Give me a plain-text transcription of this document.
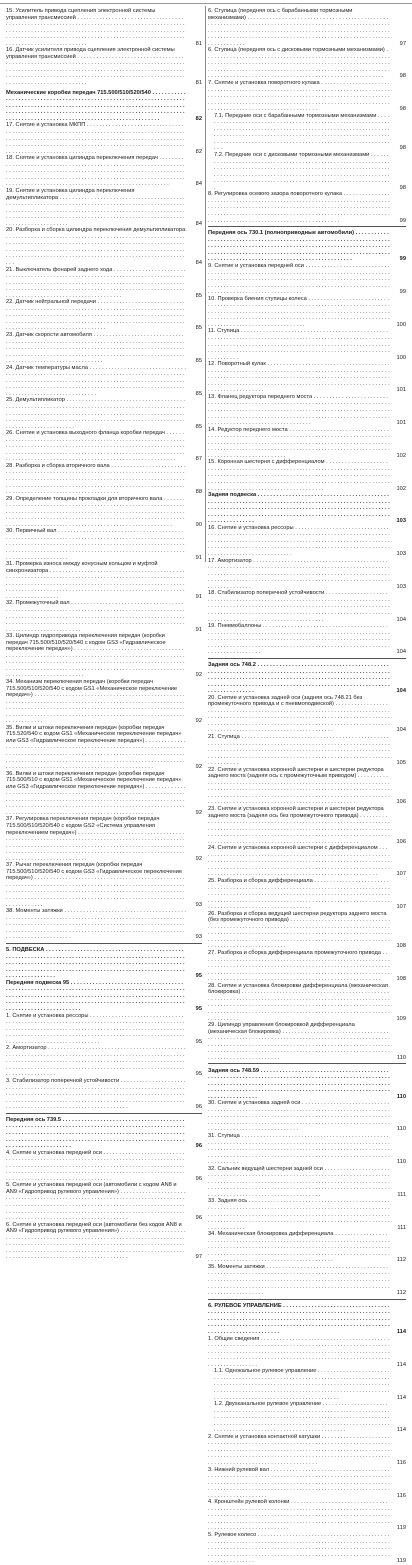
15. Усилитель привода сцепления электронной системы управления трансмиссией . . .
81
16. Датчик усилителя привода сцепления электронной системы управления трансмиссией . . .
81
Механические коробки передач 715.500/510/520/540 . . .
82
17. Снятие и установка МКПП . . .
82
18. Снятие и установка цилиндра переключения передач . . .
84
19. Снятие и установка цилиндра переключения демультипликатора . . .
84
20. Разборка и сборка цилиндра переключения демультипликатора . . .
84
21. Выключатель фонарей заднего хода . . .
85
22. Датчик нейтральной передачи . . .
85
23. Датчик скорости автомобиля . . .
85
24. Датчик температуры масла . . .
85
25. Демультипликатор . . .
85
26. Снятие и установка выходного фланца коробки передач . . .
87
28. Разборка и сборка вторичного вала . . .
88
29. Определение толщины прокладки для вторичного вала . . .
90
30. Первичный вал . . .
91
31. Промерка износа между конусным кольцом и муфтой синхронизатора . . .
91
32. Промежуточный вал . . .
91
33. Цилиндр гидропривода переключения передач (коробки передач 715.500/510/520/540 с кодом GS3 «Гидравлическое переключение передач») . . .
92
34. Механизм переключения передач (коробки передач 715.500/510/520/540 с кодом GS1 «Механическое переключение передач») . . .
92
35. Вилки и штоки переключения передач (коробки передач 715.520/540 с кодом GS1 «Механическое переключение передач» или GS3 «Гидравлическое переключение передач») . . .
92
36. Вилки и штоки переключения передач (коробки передач 715.500/510 с кодом GS1 «Механическое переключение передач» или GS3 «Гидравлическое переключение передач») . . .
92
37. Регулировка переключения передач (коробки передач 715.500/510/520/540 с кодом GS2 «Система управления переключением передач») . . .
92
37. Рычаг переключения передач (коробки передач 715.500/510/520/540 с кодом GS3 «Гидравлическое переключение передач») . . .
93
38. Моменты затяжки . . .
93
5. ПОДВЕСКА . . .
95
Передняя подвеска 95 . . .
95
1. Снятие и установка рессоры . . .
95
2. Амортизатор . . .
95
3. Стабилизатор поперечной устойчивости . . .
96
Передняя ось 739.5 . . .
96
4. Снятие и установка передней оси . . .
96
5. Снятие и установка передней оси (автомобили с кодом AN8 и AN9 «Гидропривод рулевого управления») . . .
96
6. Снятие и установка передней оси (автомобили без кодов AN8 и AN9 «Гидропривод рулевого управления») . . .
97
6. Ступица (передняя ось с барабанными тормозными механизмами) . . .
97
6. Ступица (передняя ось с дисковыми тормозными механизмами) . . .
98
7. Снятие и установка поворотного кулака . . .
98
7.1. Передние оси с барабанными тормозными механизмами . . .
98
7.2. Передние оси с дисковыми тормозными механизмами . . .
98
8. Регулировка осевого зазора поворотного кулака . . .
99
Передняя ось 730.1 (полноприводные автомобили) . . .
99
9. Снятие и установка передней оси . . .
99
10. Проверка биения ступицы колеса . . .
100
11. Ступица . . .
100
12. Поворотный кулак . . .
101
13. Фланец редуктора переднего моста . . .
101
14. Редуктор переднего моста . . .
102
15. Коронная шестерня с дифференциалом . . .
102
Задняя подвеска . . .
103
16. Снятие и установка рессоры . . .
103
17. Амортизатор . . .
103
18. Стабилизатор поперечной устойчивости . . .
104
19. Пневмобаллоны . . .
104
Задняя ось 748.2 . . .
104
20. Снятие и установка задней оси (задняя ось 748.21 без промежуточного привода и с пневмоподвеской) . . .
104
21. Ступица . . .
105
22. Снятие и установка коронной шестерни и шестерни редуктора заднего моста (задняя ось с промежуточным приводом) . . .
106
23. Снятие и установка коронной шестерни и шестерни редуктора заднего моста (задняя ось без промежуточного привода) . . .
106
24. Снятие и установка коронной шестерни с дифференциалом . . .
107
25. Разборка и сборка дифференциала . . .
107
26. Разборка и сборка ведущей шестерни редуктора заднего моста (без промежуточного привода) . . .
108
27. Разборка и сборка дифференциала промежуточного привода . . .
108
28. Снятие и установка блокировки дифференциала (механическая блокировка) . . .
109
29. Цилиндр управления блокировкой дифференциала (механическая блокировка) . . .
110
Задняя ось 748.59 . . .
110
30. Снятие и установка задней оси . . .
110
31. Ступица . . .
110
32. Сальник ведущей шестерни задней оси . . .
111
33. Задняя ось . . .
111
34. Механическая блокировка дифференциала . . .
112
35. Моменты затяжки . . .
112
6. РУЛЕВОЕ УПРАВЛЕНИЕ . . .
114
1. Общие сведения . . .
114
1.1. Однокальное рулевое управление . . .
114
1.2. Двухканальное рулевое управление . . .
114
2. Снятие и установка контактной катушки . . .
116
3. Нижний рулевой вал . . .
116
4. Кронштейн рулевой колонки . . .
119
5. Рулевое колесо . . .
119
